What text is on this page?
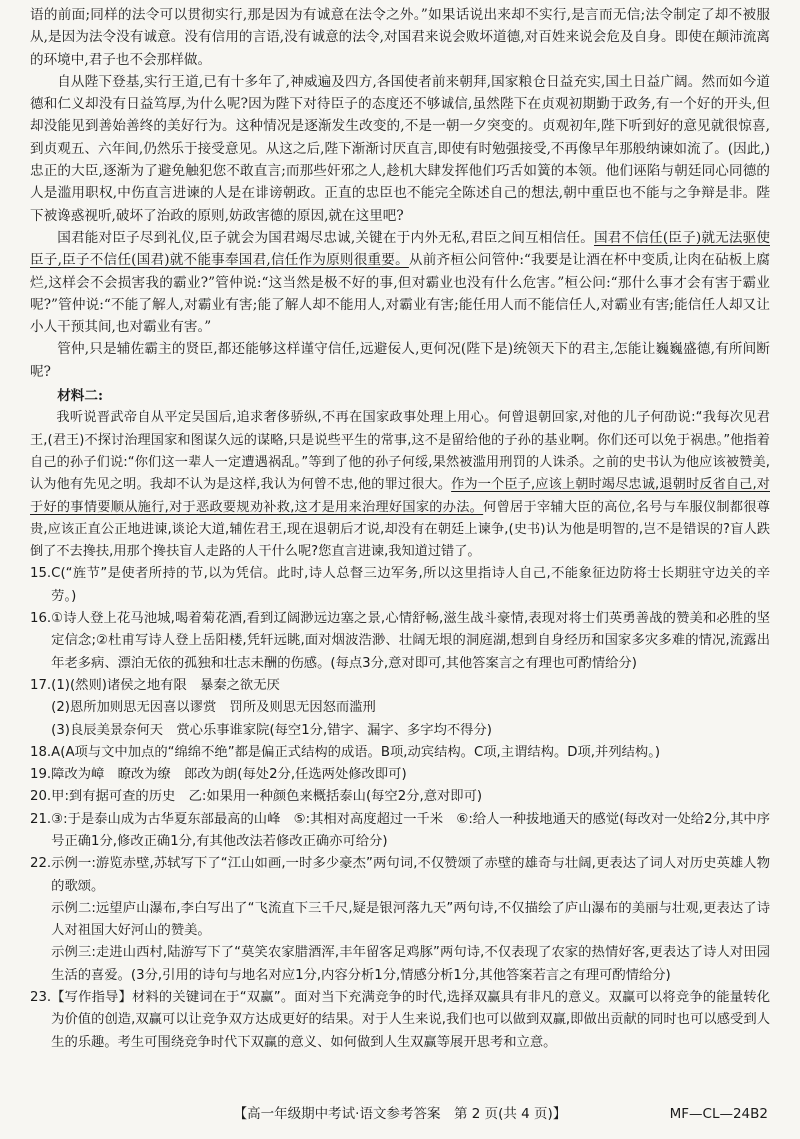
语的前面;同样的法令可以贯彻实行,那是因为有诚意在法令之外。”如果话说出来却不实行,是言而无信;法令制定了却不被服从,是因为法令没有诚意。没有信用的言语,没有诚意的法令,对国君来说会败坏道德,对百姓来说会危及自身。即使在颠沛流离的环境中,君子也不会那样做。

自从陛下登基,实行王道,已有十多年了,神威遍及四方,各国使者前来朝拜,国家粮仓日益充实,国土日益广阔。然而如今道德和仁义却没有日益笃厚,为什么呢?因为陛下对待臣子的态度还不够诚信,虽然陛下在贞观初期勤于政务,有一个好的开头,但却没能见到善始善终的美好行为。这种情况是逐渐发生改变的,不是一朝一夕突变的。贞观初年,陛下听到好的意见就很惊喜,到贞观五、六年间,仍然乐于接受意见。从这之后,陛下渐渐讨厌直言,即使有时勉强接受,不再像早年那般纳谏如流了。(因此,)忠正的大臣,逐渐为了避免触犯您不敢直言;而那些奸邪之人,趁机大肆发挥他们巧舌如簧的本领。他们诬陷与朝廷同心同德的人是滥用职权,中伤直言进谏的人是在诽谤朝政。正直的忠臣也不能完全陈述自己的想法,朝中重臣也不能与之争辩是非。陛下被谗惑视听,破坏了治政的原则,妨政害德的原因,就在这里吧?

国君能对臣子尽到礼仪,臣子就会为国君竭尽忠诚,关键在于内外无私,君臣之间互相信任。国君不信任(臣子)就无法驱使臣子,臣子不信任(国君)就不能事奉国君,信任作为原则很重要。从前齐桓公问管仲:“我要是让酒在杯中变质,让肉在砧板上腐烂,这样会不会损害我的霸业?”管仲说:“这当然是极不好的事,但对霸业也没有什么危害。”桓公问:“那什么事才会有害于霸业呢?”管仲说:“不能了解人,对霸业有害;能了解人却不能用人,对霸业有害;能任用人而不能信任人,对霸业有害;能信任人却又让小人干预其间,也对霸业有害。”

管仲,只是辅佐霸主的贤臣,都还能够这样谨守信任,远避佞人,更何况(陛下是)统领天下的君主,怎能让巍巍盛德,有所间断呢?

材料二:

我听说晋武帝自从平定吴国后,追求奢侈骄纵,不再在国家政事处理上用心。何曾退朝回家,对他的儿子何劭说:“我每次见君王,(君王)不探讨治理国家和图谋久远的谋略,只是说些平生的常事,这不是留给他的子孙的基业啊。你们还可以免于祸患。”他指着自己的孙子们说:“你们这一辈人一定遭遇祸乱。”等到了他的孙子何绥,果然被滥用刑罚的人诛杀。之前的史书认为他应该被赞美,认为他有先见之明。我却不认为是这样,我认为何曾不忠,他的罪过很大。作为一个臣子,应该上朝时竭尽忠诚,退朝时反省自己,对于好的事情要顺从施行,对于恶政要规劝补救,这才是用来治理好国家的办法。何曾居于宰辅大臣的高位,名号与车服仪制都很尊贵,应该正直公正地进谏,谈论大道,辅佐君王,现在退朝后才说,却没有在朝廷上谏争,(史书)认为他是明智的,岂不是错误的?盲人跌倒了不去搀扶,用那个搀扶盲人走路的人干什么呢?您直言进谏,我知道过错了。

15. C(“旌节”是使者所持的节,以为凭信。此时,诗人总督三边军务,所以这里指诗人自己,不能象征边防将士长期驻守边关的辛劳。)
16. ①诗人登上花马池城,喝着菊花酒,看到辽阔渺远边塞之景,心情舒畅,滋生战斗豪情,表现对将士们英勇善战的赞美和必胜的坚定信念;②杜甫写诗人登上岳阳楼,凭轩远眺,面对烟波浩渺、壮阔无垠的洞庭湖,想到自身经历和国家多灾多难的情况,流露出年老多病、漂泊无依的孤独和壮志未酬的伤感。(每点3分,意对即可,其他答案言之有理也可酌情给分)
17. (1)(然则)诸侯之地有限　暴秦之欲无厌
(2)恩所加则思无因喜以谬赏　罚所及则思无因怒而滥刑
(3)良辰美景奈何天　赏心乐事谁家院(每空1分,错字、漏字、多字均不得分)
18. A(A项与文中加点的“绵绵不绝”都是偏正式结构的成语。B项,动宾结构。C项,主谓结构。D项,并列结构。)
19. 障改为嶂　瞭改为缭　郎改为朗(每处2分,任选两处修改即可)
20. 甲:到有据可查的历史　乙:如果用一种颜色来概括泰山(每空2分,意对即可)
21. ③:于是泰山成为古华夏东部最高的山峰　⑤:其相对高度超过一千米　⑥:给人一种拔地通天的感觉(每改对一处给2分,其中序号正确1分,修改正确1分,有其他改法若修改正确亦可给分)
22. 示例一:游览赤壁,苏轼写下了“江山如画,一时多少豪杰”两句词,不仅赞颂了赤壁的雄奇与壮阔,更表达了词人对历史英雄人物的歌颂。
示例二:远望庐山瀑布,李白写出了“飞流直下三千尺,疑是银河落九天”两句诗,不仅描绘了庐山瀑布的美丽与壮观,更表达了诗人对祖国大好河山的赞美。
示例三:走进山西村,陆游写下了“莫笑农家腊酒浑,丰年留客足鸡豚”两句诗,不仅表现了农家的热情好客,更表达了诗人对田园生活的喜爱。(3分,引用的诗句与地名对应1分,内容分析1分,情感分析1分,其他答案若言之有理可酌情给分)
23. 【写作指导】材料的关键词在于“双赢”。面对当下充满竞争的时代,选择双赢具有非凡的意义。双赢可以将竞争的能量转化为价值的创造,双赢可以让竞争双方达成更好的结果。对于人生来说,我们也可以做到双赢,即做出贡献的同时也可以感受到人生的乐趣。考生可围绕竞争时代下双赢的意义、如何做到人生双赢等展开思考和立意。
【高一年级期中考试·语文参考答案　第 2 页(共 4 页)】	MF—CL—24B2
